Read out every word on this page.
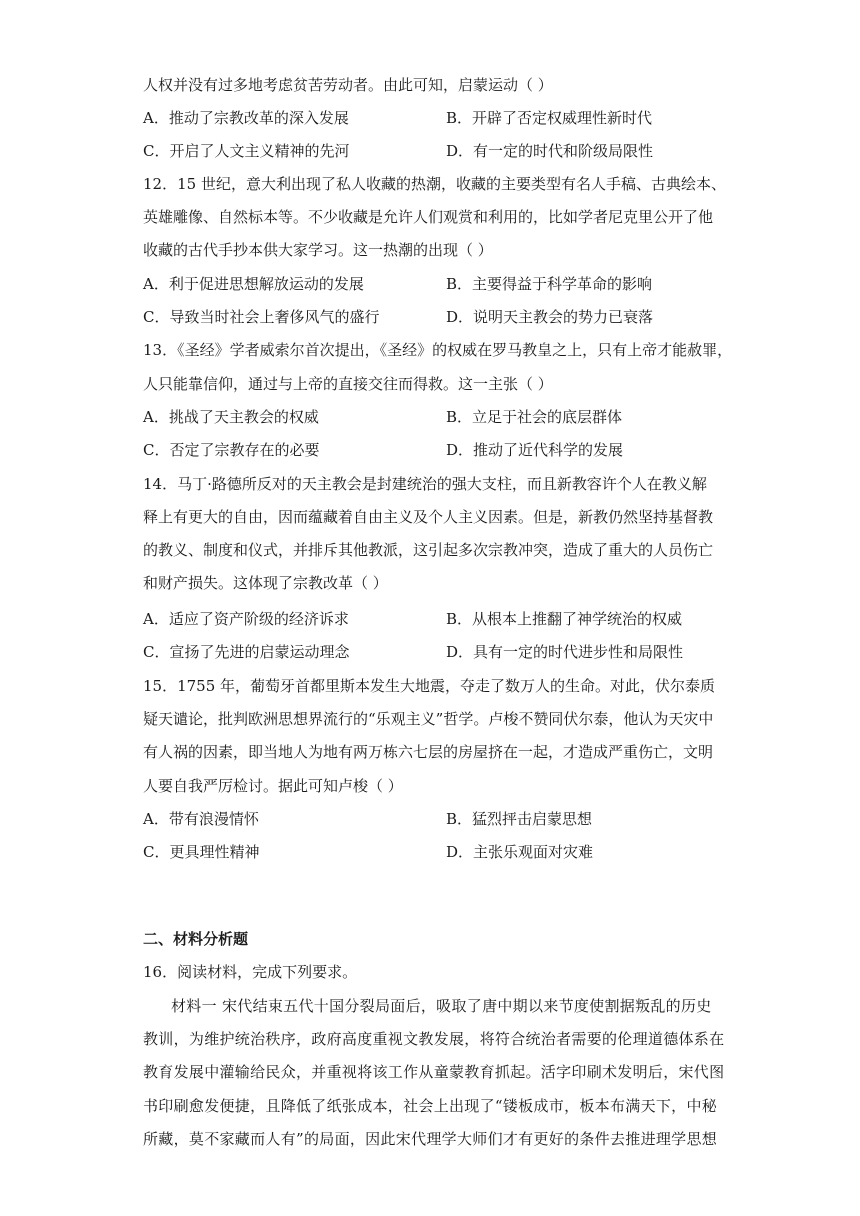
人权并没有过多地考虑贫苦劳动者。由此可知，启蒙运动（ ）
A．推动了宗教改革的深入发展	B．开辟了否定权威理性新时代
C．开启了人文主义精神的先河	D．有一定的时代和阶级局限性
12．15 世纪，意大利出现了私人收藏的热潮，收藏的主要类型有名人手稿、古典绘本、
英雄雕像、自然标本等。不少收藏是允许人们观赏和利用的，比如学者尼克里公开了他
收藏的古代手抄本供大家学习。这一热潮的出现（ ）
A．利于促进思想解放运动的发展	B．主要得益于科学革命的影响
C．导致当时社会上奢侈风气的盛行	D．说明天主教会的势力已衰落
13．《圣经》学者威索尔首次提出，《圣经》的权威在罗马教皇之上，只有上帝才能赦罪，
人只能靠信仰，通过与上帝的直接交往而得救。这一主张（ ）
A．挑战了天主教会的权威	B．立足于社会的底层群体
C．否定了宗教存在的必要	D．推动了近代科学的发展
14．马丁·路德所反对的天主教会是封建统治的强大支柱，而且新教容许个人在教义解
释上有更大的自由，因而蕴藏着自由主义及个人主义因素。但是，新教仍然坚持基督教
的教义、制度和仪式，并排斥其他教派，这引起多次宗教冲突，造成了重大的人员伤亡
和财产损失。这体现了宗教改革（ ）
A．适应了资产阶级的经济诉求	B．从根本上推翻了神学统治的权威
C．宣扬了先进的启蒙运动理念	D．具有一定的时代进步性和局限性
15．1755 年，葡萄牙首都里斯本发生大地震，夺走了数万人的生命。对此，伏尔泰质
疑天谴论，批判欧洲思想界流行的“乐观主义”哲学。卢梭不赞同伏尔泰，他认为天灾中
有人祸的因素，即当地人为地有两万栋六七层的房屋挤在一起，才造成严重伤亡，文明
人要自我严厉检讨。据此可知卢梭（ ）
A．带有浪漫情怀	B．猛烈抨击启蒙思想
C．更具理性精神	D．主张乐观面对灾难
二、材料分析题
16．阅读材料，完成下列要求。
材料一 宋代结束五代十国分裂局面后，吸取了唐中期以来节度使割据叛乱的历史
教训，为维护统治秩序，政府高度重视文教发展，将符合统治者需要的伦理道德体系在
教育发展中灌输给民众，并重视将该工作从童蒙教育抓起。活字印刷术发明后，宋代图
书印刷愈发便捷，且降低了纸张成本，社会上出现了“镂板成市，板本布满天下，中秘
所藏，莫不家藏而人有”的局面，因此宋代理学大师们才有更好的条件去推进理学思想
